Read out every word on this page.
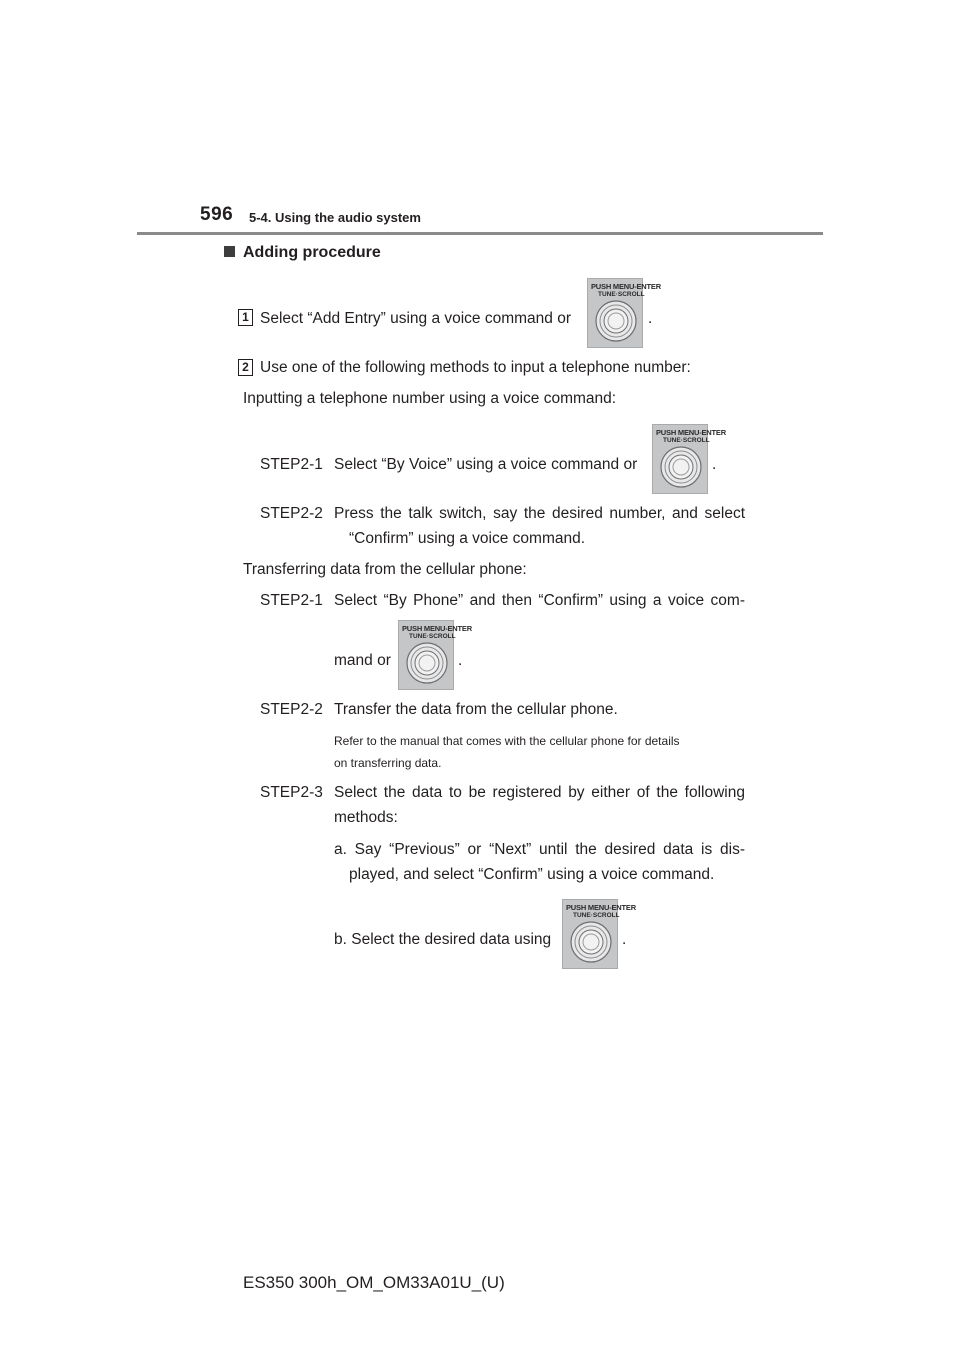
596 5-4. Using the audio system
Adding procedure
1 Select “Add Entry” using a voice command or
PUSH MENU-ENTER
TUNE·SCROLL
.
2 Use one of the following methods to input a telephone number:
Inputting a telephone number using a voice command:
STEP2-1 Select “By Voice” using a voice command or
PUSH MENU-ENTER
TUNE·SCROLL
.
STEP2-2 Press the talk switch, say the desired number, and select
“Confirm” using a voice command.
Transferring data from the cellular phone:
STEP2-1 Select “By Phone” and then “Confirm” using a voice com-
mand or
PUSH MENU-ENTER
TUNE·SCROLL
.
STEP2-2 Transfer the data from the cellular phone.
Refer to the manual that comes with the cellular phone for details
on transferring data.
STEP2-3 Select the data to be registered by either of the following
methods:
a. Say “Previous” or “Next” until the desired data is dis-
played, and select “Confirm” using a voice command.
b. Select the desired data using
PUSH MENU-ENTER
TUNE·SCROLL
.
ES350 300h_OM_OM33A01U_(U)
